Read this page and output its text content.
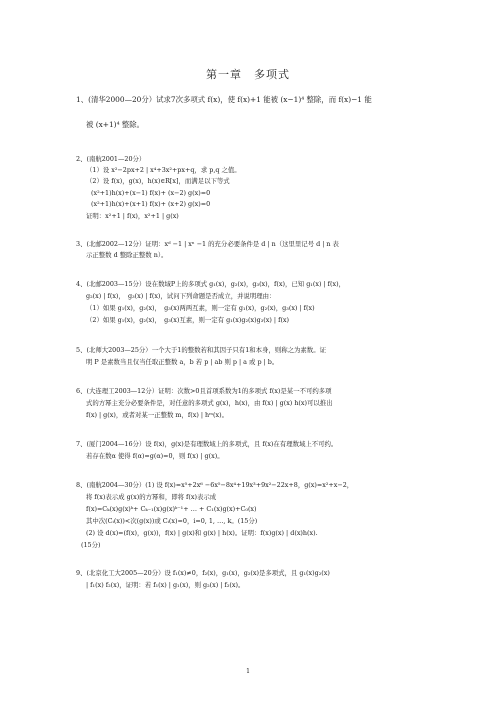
第一章　多项式
1、(清华2000—20分）试求7次多项式 f(x)，使 f(x)+1 能被 (x−1)⁴ 整除，而 f(x)−1 能
被 (x+1)⁴ 整除。
2、(南航2001—20分）
（1）设 x²−2px+2 | x⁴+3x²+px+q，求 p,q 之值。
（2）设 f(x)，g(x)，h(x)∈R[x]，而满足以下等式
(x²+1)h(x)+(x−1) f(x)+ (x−2) g(x)=0
(x²+1)h(x)+(x+1) f(x)+ (x+2) g(x)=0
证明：x²+1 | f(x)，x²+1 | g(x)
3、(北邮2002—12分）证明：xᵈ −1 | xⁿ −1 的充分必要条件是 d | n（这里里记号 d | n 表
示正整数 d 整除正整数 n）。
4、(北邮2003—15分）设在数域P上的多项式 g₁(x)，g₂(x)，g₃(x)，f(x)，已知 g₁(x) | f(x)，
g₂(x) | f(x)，　g₃(x) | f(x)，试问下列命题是否成立，并说明理由：
（1）如果 g₁(x)，g₂(x)，　g₃(x)两两互素，则一定有 g₁(x)，g₂(x)，g₃(x) | f(x)
（2）如果 g₁(x)，g₂(x)，　g₃(x)互素，则一定有 g₁(x)g₂(x)g₃(x) | f(x)
5、(北师大2003—25分）一个大于1的整数若和其因子只有1和本身，则称之为素数。证
明 P 是素数当且仅当任取正整数 a，b 若 p | ab 则 p | a 或 p | b。
6、(大连理工2003—12分）证明：次数>0且首项系数为1的多项式 f(x)是某一不可约多项
式的方幂主充分必要条件是，对任意的多项式 g(x)，h(x)，由 f(x) | g(x) h(x)可以推出
f(x) | g(x)，或者对某一正整数 m，f(x) | hᵐ(x)。
7、(厦门2004—16分）设 f(x)，g(x)是有理数域上的多项式，且 f(x)在有理数域上不可约。
若存在数α 使得 f(α)=g(α)=0，则 f(x) | g(x)。
8、(南航2004—30分）(1) 设 f(x)=x⁵+2x⁶ −6x⁵−8x⁴+19x³+9x²−22x+8，g(x)=x²+x−2，
将 f(x)表示成 g(x)的方幂和，即将 f(x)表示成
f(x)=Cₖ(x)g(x)ᵏ+ Cₖ₋₁(x)g(x)ᵏ⁻¹+ … + C₁(x)g(x)+C₀(x)
其中次(Cᵢ(x))<次(g(x))或 Cᵢ(x)=0，i=0, 1, …, k。(15分)
(2) 设 d(x)=(f(x)，g(x))，f(x) | g(x)和 g(x) | h(x)。证明：f(x)g(x) | d(x)h(x).
(15分)
9、(北京化工大2005—20分）设 f₁(x)≠0，f₂(x)，g₁(x)，g₂(x)是多项式，且 g₁(x)g₂(x)
| f₁(x) f₂(x)，证明：若 f₁(x) | g₁(x)，则 g₂(x) | f₂(x)。
1
